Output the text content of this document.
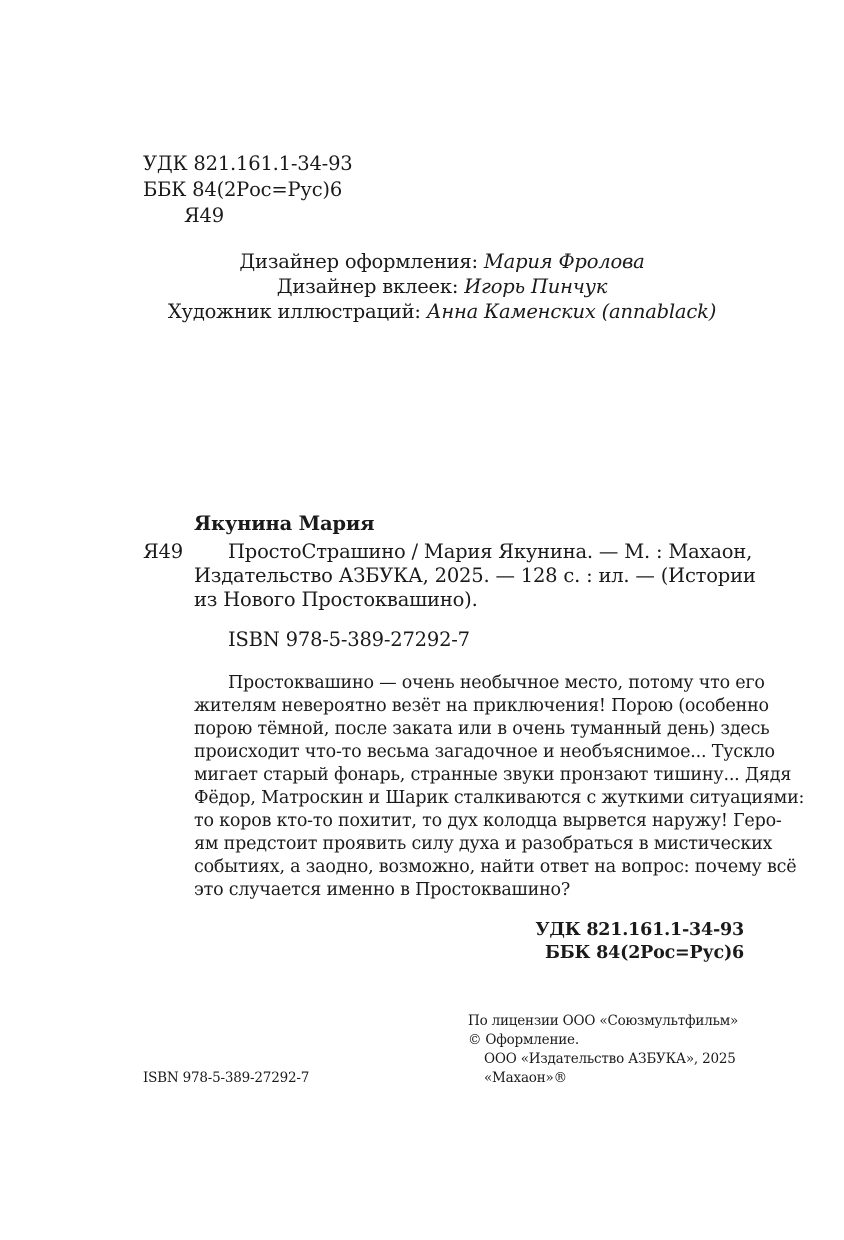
УДК 821.161.1-34-93
ББК 84(2Рос=Рус)6
Я49
Дизайнер оформления: Мария Фролова
Дизайнер вклеек: Игорь Пинчук
Художник иллюстраций: Анна Каменских (annablack)
Якунина Мария
Я49 ПростоСтрашино / Мария Якунина. — М. : Махаон,
Издательство АЗБУКА, 2025. — 128 с. : ил. — (Истории
из Нового Простоквашино).
ISBN 978-5-389-27292-7
Простоквашино — очень необычное место, потому что его
жителям невероятно везёт на приключения! Порою (особенно
порою тёмной, после заката или в очень туманный день) здесь
происходит что-то весьма загадочное и необъяснимое... Тускло
мигает старый фонарь, странные звуки пронзают тишину... Дядя
Фёдор, Матроскин и Шарик сталкиваются с жуткими ситуациями:
то коров кто-то похитит, то дух колодца вырвется наружу! Геро-
ям предстоит проявить силу духа и разобраться в мистических
событиях, а заодно, возможно, найти ответ на вопрос: почему всё
это случается именно в Простоквашино?
УДК 821.161.1-34-93
ББК 84(2Рос=Рус)6
По лицензии ООО «Союзмультфильм»
© Оформление.
ООО «Издательство АЗБУКА», 2025
«Махаон»®
ISBN 978-5-389-27292-7
